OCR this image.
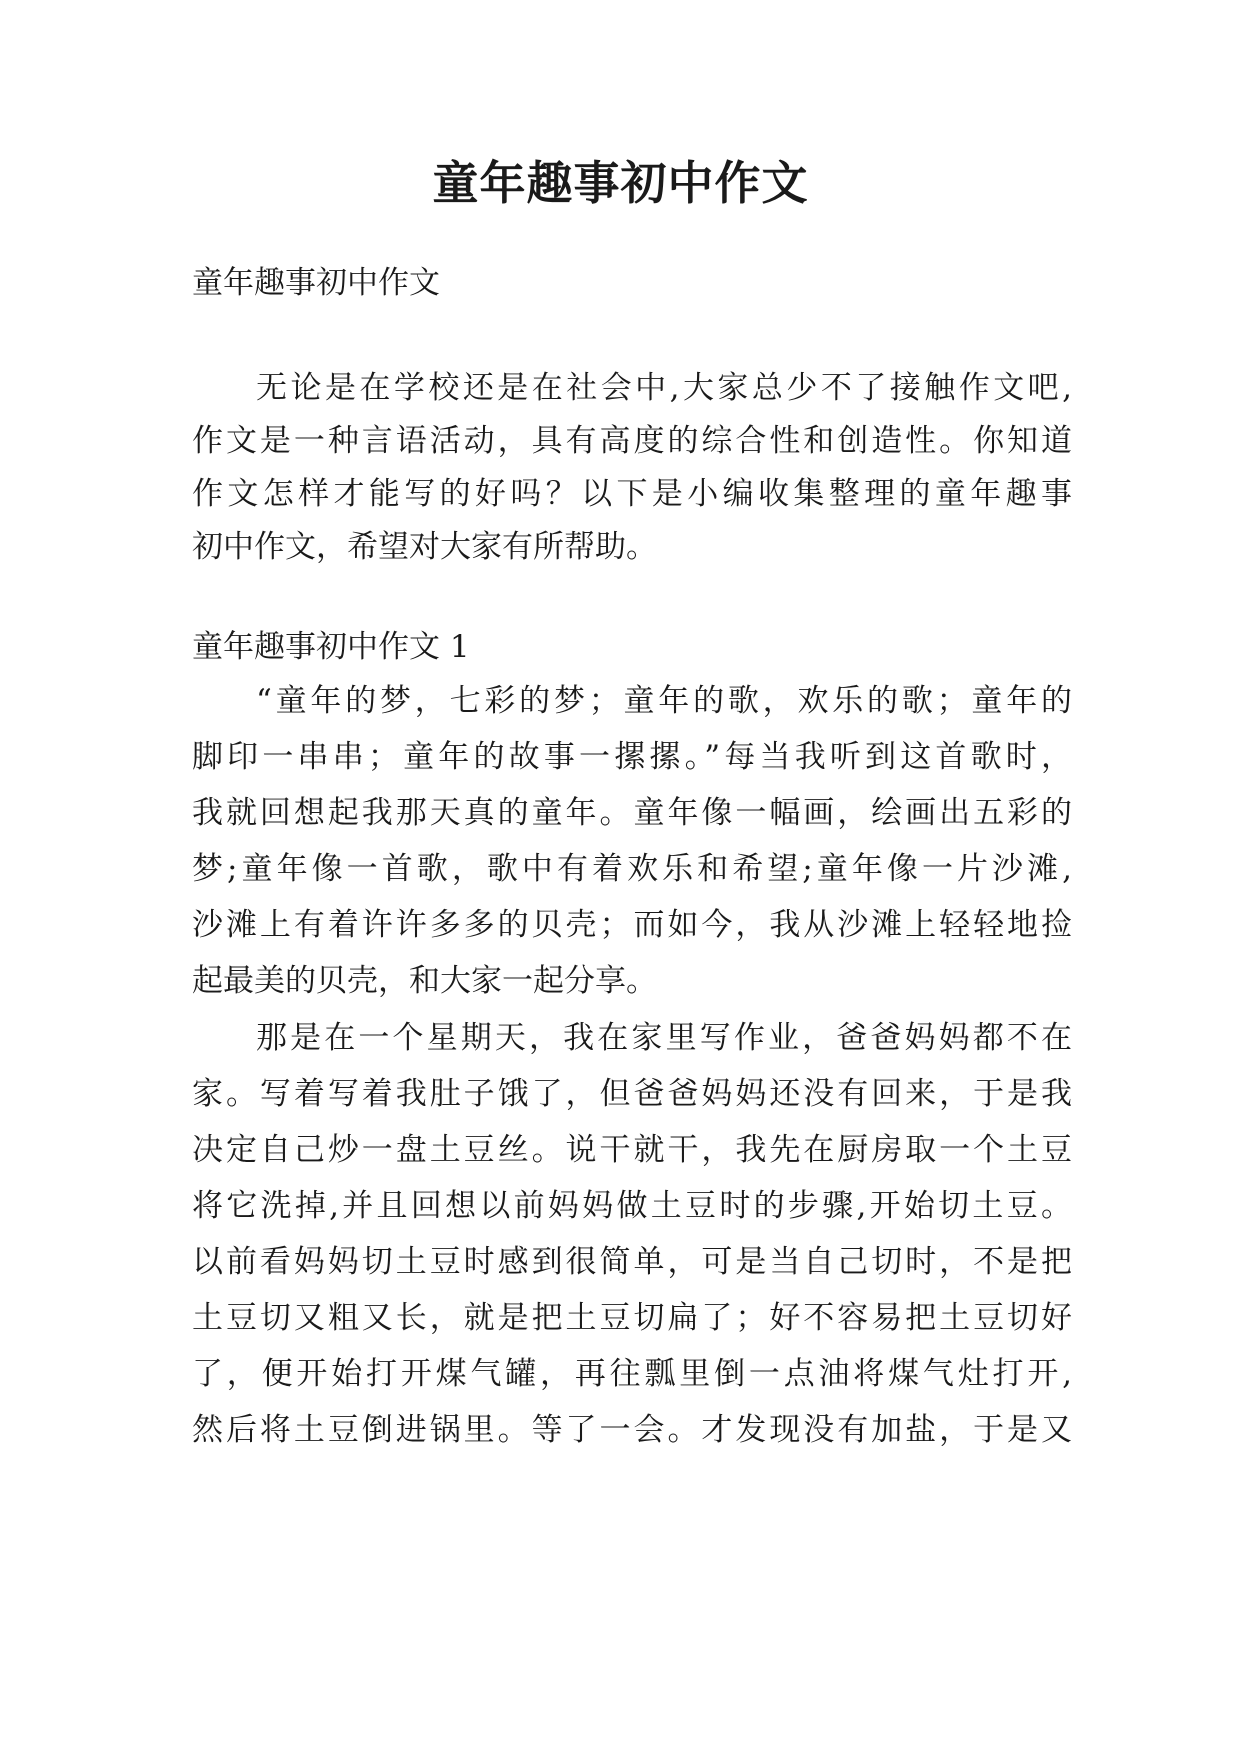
童年趣事初中作文
童年趣事初中作文
无论是在学校还是在社会中,大家总少不了接触作文吧,
作文是一种言语活动，具有高度的综合性和创造性。你知道
作文怎样才能写的好吗？以下是小编收集整理的童年趣事
初中作文，希望对大家有所帮助。
童年趣事初中作文 1
“童年的梦，七彩的梦；童年的歌，欢乐的歌；童年的
脚印一串串；童年的故事一摞摞。”每当我听到这首歌时，
我就回想起我那天真的童年。童年像一幅画，绘画出五彩的
梦;童年像一首歌，歌中有着欢乐和希望;童年像一片沙滩,
沙滩上有着许许多多的贝壳；而如今，我从沙滩上轻轻地捡
起最美的贝壳，和大家一起分享。
那是在一个星期天，我在家里写作业，爸爸妈妈都不在
家。写着写着我肚子饿了，但爸爸妈妈还没有回来，于是我
决定自己炒一盘土豆丝。说干就干，我先在厨房取一个土豆
将它洗掉,并且回想以前妈妈做土豆时的步骤,开始切土豆。
以前看妈妈切土豆时感到很简单，可是当自己切时，不是把
土豆切又粗又长，就是把土豆切扁了；好不容易把土豆切好
了，便开始打开煤气罐，再往瓢里倒一点油将煤气灶打开,
然后将土豆倒进锅里。等了一会。才发现没有加盐，于是又
